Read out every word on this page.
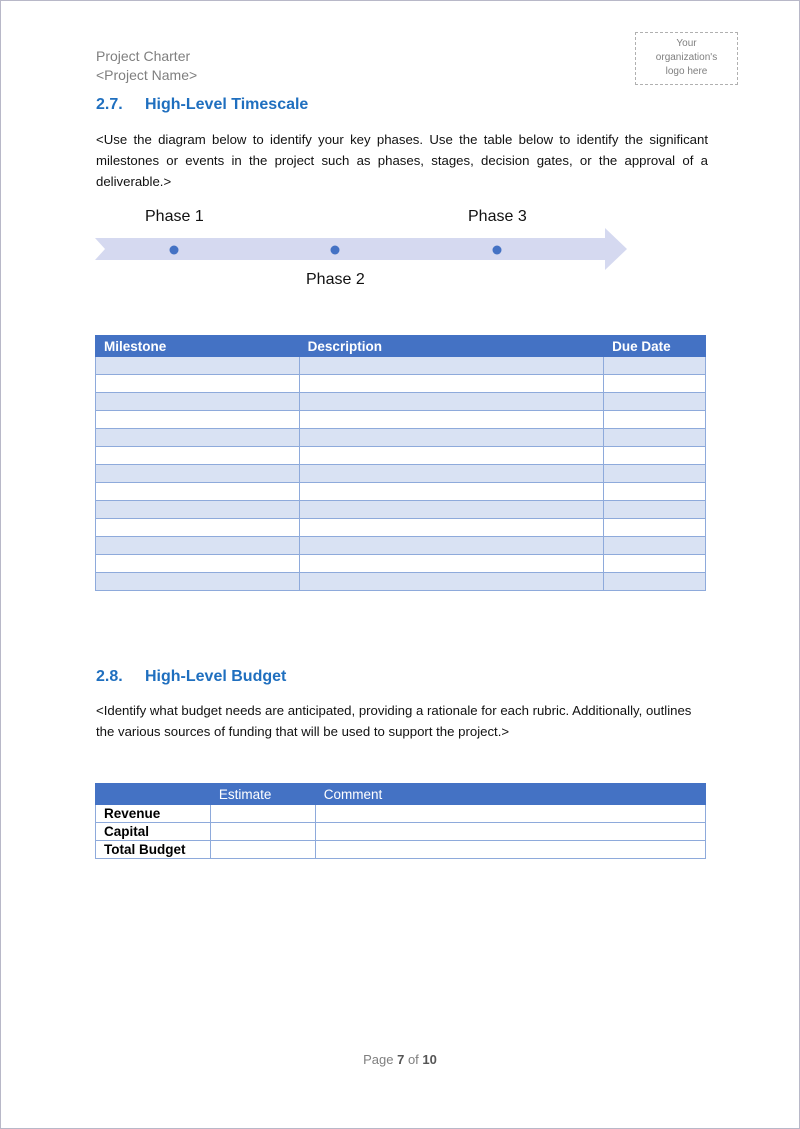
Project Charter
<Project Name>
Your
organization's
logo here
2.7. High-Level Timescale
<Use the diagram below to identify your key phases. Use the table below to identify the significant milestones or events in the project such as phases, stages, decision gates, or the approval of a deliverable.>
Phase 1
Phase 2
Phase 3
Milestone	Description	Due Date

2.8. High-Level Budget
<Identify what budget needs are anticipated, providing a rationale for each rubric. Additionally, outlines the various sources of funding that will be used to support the project.>
	Estimate	Comment
Revenue		
Capital		
Total Budget		
Page 7 of 10
